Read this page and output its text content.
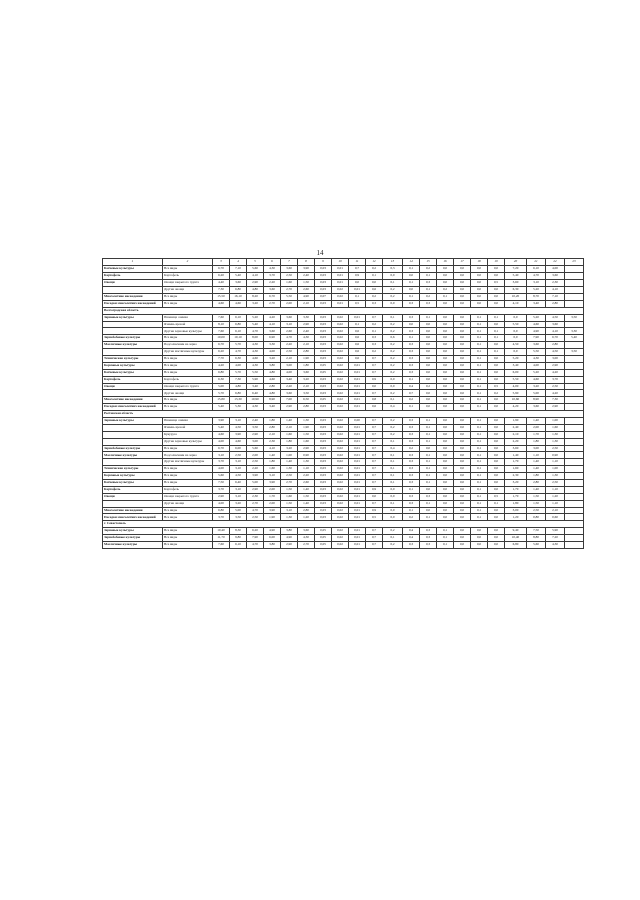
14
1	2	3	4	5	6	7	8	9	10	11	12	13	14	15	16	17	18	19	20	21	22	23
Бахчевые культуры	Все виды	6,70	7,10	5,60	4,30	3,60	3,90	0,03	0,01	0,7	0,2	0,3	0,1	0,2	0,0	0,0	0,0	0,0	7,20	6,10	4,00	
Картофель	Картофель	6,20	5,40	4,10	3,70	2,50	2,40	0,03	0,01	0,9	0,1	0,0	0,0	0,1	0,0	0,0	0,0	0,0	5,40	4,70	3,60	
Овощи	Овощи закрытого грунта	4,40	3,60	2,90	2,20	1,60	1,50	0,03	0,01	0,0	0,0	0,1	0,1	0,3	0,0	0,0	0,0	0,5	3,60	3,10	2,30	
	Другие овощи	7,30	6,80	4,80	3,60	2,70	2,60	0,03	0,02	0,01	0,6	0,2	0,0	0,1	0,2	0,0	0,0	0,0	6,30	5,20	4,10	
Многолетние насаждения	Все виды	15,50	16,10	8,20	6,70	5,50	4,90	0,07	0,02	0,1	0,2	0,2	0,1	0,2	0,1	0,0	0,0	0,0	10,20	8,70	7,10	
Посадки многолетних насаждений	Все виды	4,60	4,60	3,20	2,70	2,00	2,10	0,03	0,01	0,5	0,3	0,0	0,3	0,3	0,0	0,0	0,0	0,0	4,10	3,40	2,80	
Волгоградская область																						
Зерновые культуры	Пшеница озимая	7,60	6,10	5,20	4,20	3,60	3,30	0,03	0,02	0,01	0,7	0,1	0,3	0,1	0,0	0,0	0,1	0,1	0,0	5,20	4,50	3,50
	Ячмень яровой	8,10	6,80	5,40	4,10	3,10	2,90	0,03	0,02	0,1	0,2	0,2	0,0	0,0	0,0	0,0	0,1	0,0	5,50	4,60	3,60	
	Другие зерновые культуры	7,60	6,10	4,70	3,60	2,60	2,40	0,03	0,02	0,6	0,1	0,2	0,3	0,0	0,0	0,0	0,1	0,1	0,0	4,90	4,10	3,30
Зернобобовые культуры	Все виды	10,00	10,10	8,00	6,90	4,70	4,30	0,03	0,02	0,6	0,3	0,6	0,1	0,0	0,0	0,0	0,1	0,1	0,0	7,90	6,70	5,40
Масличные культуры	Подсолнечник на зерно	6,70	5,70	4,30	3,30	2,20	2,10	0,03	0,02	0,6	0,3	0,2	0,3	0,0	0,0	0,0	0,1	0,0	4,50	3,60	2,80	
	Другие масличные культуры	6,20	4,70	4,30	4,00	2,50	2,80	0,03	0,02	0,6	0,2	0,2	0,3	0,0	0,0	0,0	0,1	0,1	0,0	5,50	4,50	3,50
Технические культуры	Все виды	7,70	6,30	4,60	3,20	2,10	1,90	0,03	0,02	0,6	0,7	0,2	0,3	0,0	0,0	0,0	0,1	0,0	5,20	4,30	3,00	
Кормовые культуры	Все виды	4,20	4,00	4,30	3,80	3,00	1,80	0,05	0,02	0,01	0,7	0,2	0,3	0,0	0,0	0,0	0,1	0,0	3,40	4,00	2,90	
Бахчевые культуры	Все виды	6,80	5,70	5,50	4,80	4,00	3,60	0,05	0,02	0,01	0,7	0,2	0,3	0,0	0,0	0,0	0,1	0,0	6,00	5,20	4,20	
Картофель	Картофель	6,30	7,30	5,90	4,60	3,40	3,20	0,03	0,02	0,01	0,9	0,0	0,1	0,0	0,0	0,0	0,1	0,0	5,50	4,60	3,70	
Овощи	Овощи закрытого грунта	5,00	4,80	3,40	2,80	2,20	2,10	0,03	0,02	0,01	0,0	0,0	0,4	0,2	0,0	0,0	0,1	0,5	4,00	3,20	2,50	
	Другие овощи	5,70	6,80	6,40	4,80	3,60	3,50	0,03	0,02	0,01	0,7	0,2	0,7	0,0	0,0	0,0	0,1	0,2	5,90	5,00	4,20	
Многолетние насаждения	Все виды	15,80	13,30	10,90	8,90	7,00	6,50	0,05	0,02	0,01	0,8	0,1	0,2	0,0	0,0	0,0	0,1	0,0	10,60	8,90	7,30	
Посадки многолетних насаждений	Все виды	5,40	5,30	4,30	3,40	2,90	2,80	0,03	0,02	0,01	0,6	0,4	0,1	0,0	0,0	0,0	0,1	0,0	4,20	3,60	2,90	
Ростовская область																						
Зерновые культуры	Пшеница озимая	3,90	3,10	2,40	1,80	1,40	1,30	0,03	0,02	0,00	0,7	0,2	0,3	0,1	0,0	0,0	0,1	0,0	1,90	1,40	1,00	
	Ячмень яровой	5,40	4,50	3,50	2,80	2,10	1,90	0,03	0,02	0,01	0,7	0,2	0,3	0,1	0,0	0,0	0,1	0,0	2,40	2,00	1,60	
	Кукуруза	4,60	3,90	2,90	2,10	1,60	1,50	0,03	0,02	0,01	0,7	0,2	0,3	0,1	0,0	0,0	0,1	0,0	2,10	1,70	1,30	
	Другие зерновые культуры	4,00	4,60	3,00	2,30	1,80	1,60	0,03	0,02	0,01	0,7	0,1	0,3	0,1	0,0	0,0	0,1	0,0	2,20	1,80	1,30	
Зернобобовые культуры	Все виды	6,70	6,00	5,60	4,10	3,20	2,90	0,03	0,02	0,01	0,7	0,4	0,2	0,0	0,0	0,0	0,1	0,0	3,60	3,00	2,50	
Масличные культуры	Подсолнечник на зерно	3,10	2,50	2,00	1,40	1,00	0,90	0,03	0,02	0,01	0,7	0,1	0,3	0,1	0,0	0,0	0,1	0,0	1,40	1,10	0,90	
	Другие масличные культуры	3,70	3,10	2,50	1,80	1,40	1,30	0,03	0,02	0,01	0,7	0,1	0,3	0,1	0,0	0,0	0,1	0,0	1,70	1,40	1,10	
Технические культуры	Все виды	4,00	3,10	2,20	1,60	1,30	1,10	0,03	0,02	0,01	0,7	0,1	0,3	0,1	0,0	0,0	0,1	0,0	1,60	1,40	1,00	
Кормовые культуры	Все виды	5,60	4,50	3,90	3,10	2,50	2,20	0,03	0,02	0,01	0,7	0,1	0,3	0,1	0,0	0,0	0,1	0,0	2,30	1,80	1,30	
Бахчевые культуры	Все виды	7,50	6,40	5,00	3,90	2,70	2,60	0,03	0,02	0,01	0,7	0,1	0,3	0,1	0,0	0,0	0,1	0,0	3,20	2,80	2,50	
Картофель	Картофель	3,70	3,10	2,90	2,00	1,50	1,40	0,03	0,02	0,01	0,9	0,0	0,1	0,0	0,0	0,0	0,1	0,0	1,70	1,40	1,10	
Овощи	Овощи закрытого грунта	2,90	3,10	2,30	1,70	1,60	1,50	0,03	0,02	0,01	0,0	0,0	0,3	0,3	0,0	0,0	0,1	0,5	1,70	1,50	1,20	
	Другие овощи	4,00	3,20	2,70	2,00	1,50	1,40	0,03	0,02	0,01	0,7	0,1	0,3	0,1	0,0	0,0	0,1	0,1	1,80	1,50	1,10	
Многолетние насаждения	Все виды	6,80	5,00	4,70	3,90	3,10	2,80	0,03	0,02	0,01	0,9	0,0	0,1	0,0	0,0	0,0	0,1	0,0	3,00	2,50	2,10	
Посадки многолетних насаждений	Все виды	3,70	3,50	2,50	1,90	1,30	1,20	0,03	0,02	0,01	0,5	0,0	0,2	0,1	0,0	0,0	0,1	0,0	1,20	0,80	0,60	
г. Севастополь																						
Зерновые культуры	Все виды	10,40	8,30	6,20	4,90	3,80	3,60	0,05	0,02	0,01	0,7	0,2	0,4	0,3	0,1	0,0	0,0	0,0	9,40	7,50	5,90	
Зернобобовые культуры	Все виды	11,70	9,80	7,90	6,00	4,90	4,30	0,05	0,02	0,01	0,7	0,1	0,4	0,3	0,1	0,0	0,0	0,0	10,40	8,80	7,20	
Масличные культуры	Все виды	7,60	6,10	4,70	3,80	2,90	2,70	0,05	0,02	0,01	0,7	0,2	0,3	0,3	0,1	0,0	0,0	0,0	6,80	5,60	4,30	
